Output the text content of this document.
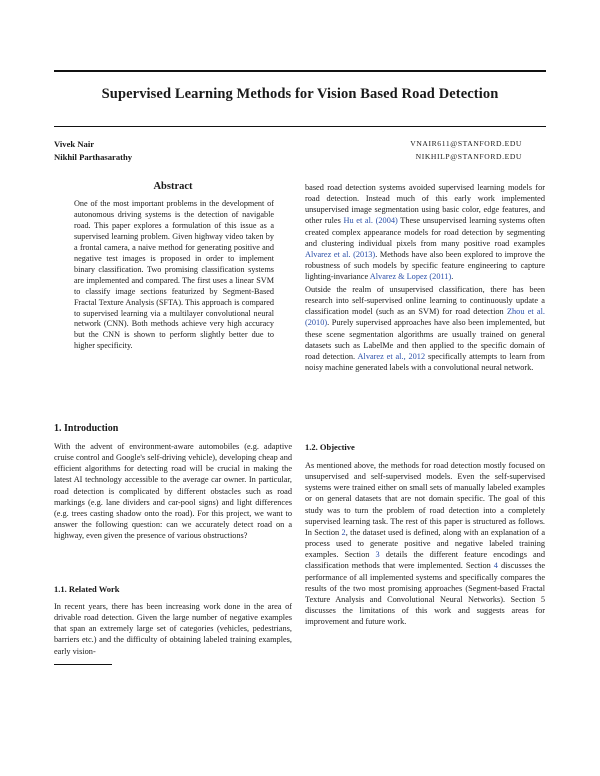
Supervised Learning Methods for Vision Based Road Detection
Vivek Nair
Nikhil Parthasarathy
VNAIR611@STANFORD.EDU
NIKHILP@STANFORD.EDU
Abstract

One of the most important problems in the development of autonomous driving systems is the detection of navigable road. This paper explores a formulation of this issue as a supervised learning problem. Given highway video taken by a frontal camera, a naive method for generating positive and negative test images is proposed in order to implement binary classification. Two promising classification systems are implemented and compared. The first uses a linear SVM to classify image sections featurized by Segment-Based Fractal Texture Analysis (SFTA). This approach is compared to supervised learning via a multilayer convolutional neural network (CNN). Both methods achieve very high accuracy but the CNN is shown to perform slightly better due to higher specificity.

1. Introduction

With the advent of environment-aware automobiles (e.g. adaptive cruise control and Google's self-driving vehicle), developing cheap and efficient algorithms for detecting road will be crucial in making the latest AI technology accessible to the average car owner. In particular, road detection is complicated by different obstacles such as road markings (e.g. lane dividers and car-pool signs) and light differences (e.g. trees casting shadow onto the road). For this project, we want to answer the following question: can we accurately detect road on a highway, even given the presence of various obstructions?

1.1. Related Work

In recent years, there has been increasing work done in the area of drivable road detection. Given the large number of negative examples that span an extremely large set of categories (vehicles, pedestrians, barriers etc.) and the difficulty of obtaining labeled training examples, early vision-

based road detection systems avoided supervised learning models for road detection. Instead much of this early work implemented unsupervised image segmentation using basic color, edge features, and other rules Hu et al. (2004) These unsupervised learning systems often created complex appearance models for road detection by segmenting and clustering individual pixels from many positive road examples Alvarez et al. (2013). Methods have also been explored to improve the robustness of such models by specific feature engineering to capture lighting-invariance Alvarez & Lopez (2011).

Outside the realm of unsupervised classification, there has been research into self-supervised online learning to continuously update a classification model (such as an SVM) for road detection Zhou et al. (2010). Purely supervised approaches have also been implemented, but these scene segmentation algorithms are usually trained on general datasets such as LabelMe and then applied to the specific domain of road detection. Alvarez et al., 2012 specifically attempts to learn from noisy machine generated labels with a convolutional neural network.

1.2. Objective

As mentioned above, the methods for road detection mostly focused on unsupervised and self-supervised models. Even the self-supervised systems were trained either on small sets of manually labeled examples or on general datasets that are not domain specific. The goal of this study was to turn the problem of road detection into a completely supervised learning task. The rest of this paper is structured as follows. In Section 2, the dataset used is defined, along with an explanation of a process used to generate positive and negative labeled training examples. Section 3 details the different feature encodings and classification methods that were implemented. Section 4 discusses the performance of all implemented systems and specifically compares the results of the two most promising approaches (Segment-based Fractal Texture Analysis and Convolutional Neural Networks). Section 5 discusses the limitations of this work and suggests areas for improvement and future work.
